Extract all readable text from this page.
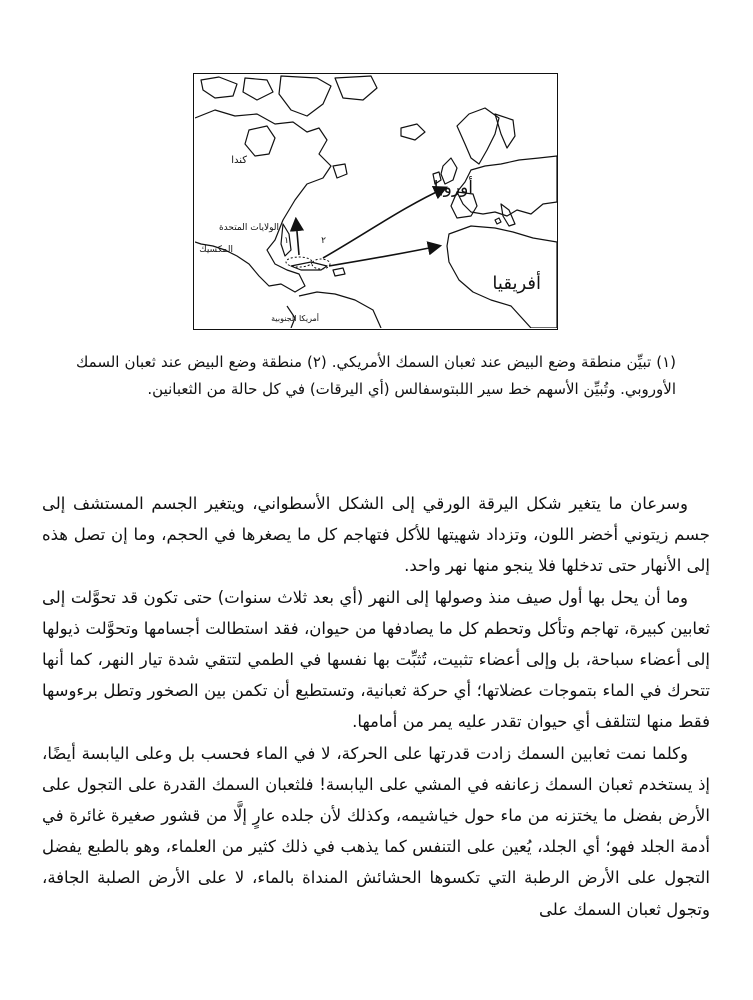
كندا
الولايات المتحدة
المكسيك
أمريكا الجنوبية
أوروبا
أفريقيا
١	٢

(١) تبيِّن منطقة وضع البيض عند ثعبان السمك الأمريكي. (٢) منطقة وضع البيض عند ثعبان السمك الأوروبي. وتُبيِّن الأسهم خط سير اللبتوسفالس (أي اليرقات) في كل حالة من الثعبانين.

وسرعان ما يتغير شكل اليرقة الورقي إلى الشكل الأسطواني، ويتغير الجسم المستشف إلى جسم زيتوني أخضر اللون، وتزداد شهيتها للأكل فتهاجم كل ما يصغرها في الحجم، وما إن تصل هذه إلى الأنهار حتى تدخلها فلا ينجو منها نهر واحد.

وما أن يحل بها أول صيف منذ وصولها إلى النهر (أي بعد ثلاث سنوات) حتى تكون قد تحوَّلت إلى ثعابين كبيرة، تهاجم وتأكل وتحطم كل ما يصادفها من حيوان، فقد استطالت أجسامها وتحوَّلت ذيولها إلى أعضاء سباحة، بل وإلى أعضاء تثبيت، تُثبِّت بها نفسها في الطمي لتتقي شدة تيار النهر، كما أنها تتحرك في الماء بتموجات عضلاتها؛ أي حركة ثعبانية، وتستطيع أن تكمن بين الصخور وتطل برءوسها فقط منها لتتلقف أي حيوان تقدر عليه يمر من أمامها.

وكلما نمت ثعابين السمك زادت قدرتها على الحركة، لا في الماء فحسب بل وعلى اليابسة أيضًا، إذ يستخدم ثعبان السمك زعانفه في المشي على اليابسة! فلثعبان السمك القدرة على التجول على الأرض بفضل ما يختزنه من ماء حول خياشيمه، وكذلك لأن جلده عارٍ إلَّا من قشور صغيرة غائرة في أدمة الجلد فهو؛ أي الجلد، يُعين على التنفس كما يذهب في ذلك كثير من العلماء، وهو بالطبع يفضل التجول على الأرض الرطبة التي تكسوها الحشائش المنداة بالماء، لا على الأرض الصلبة الجافة، وتجول ثعبان السمك على
